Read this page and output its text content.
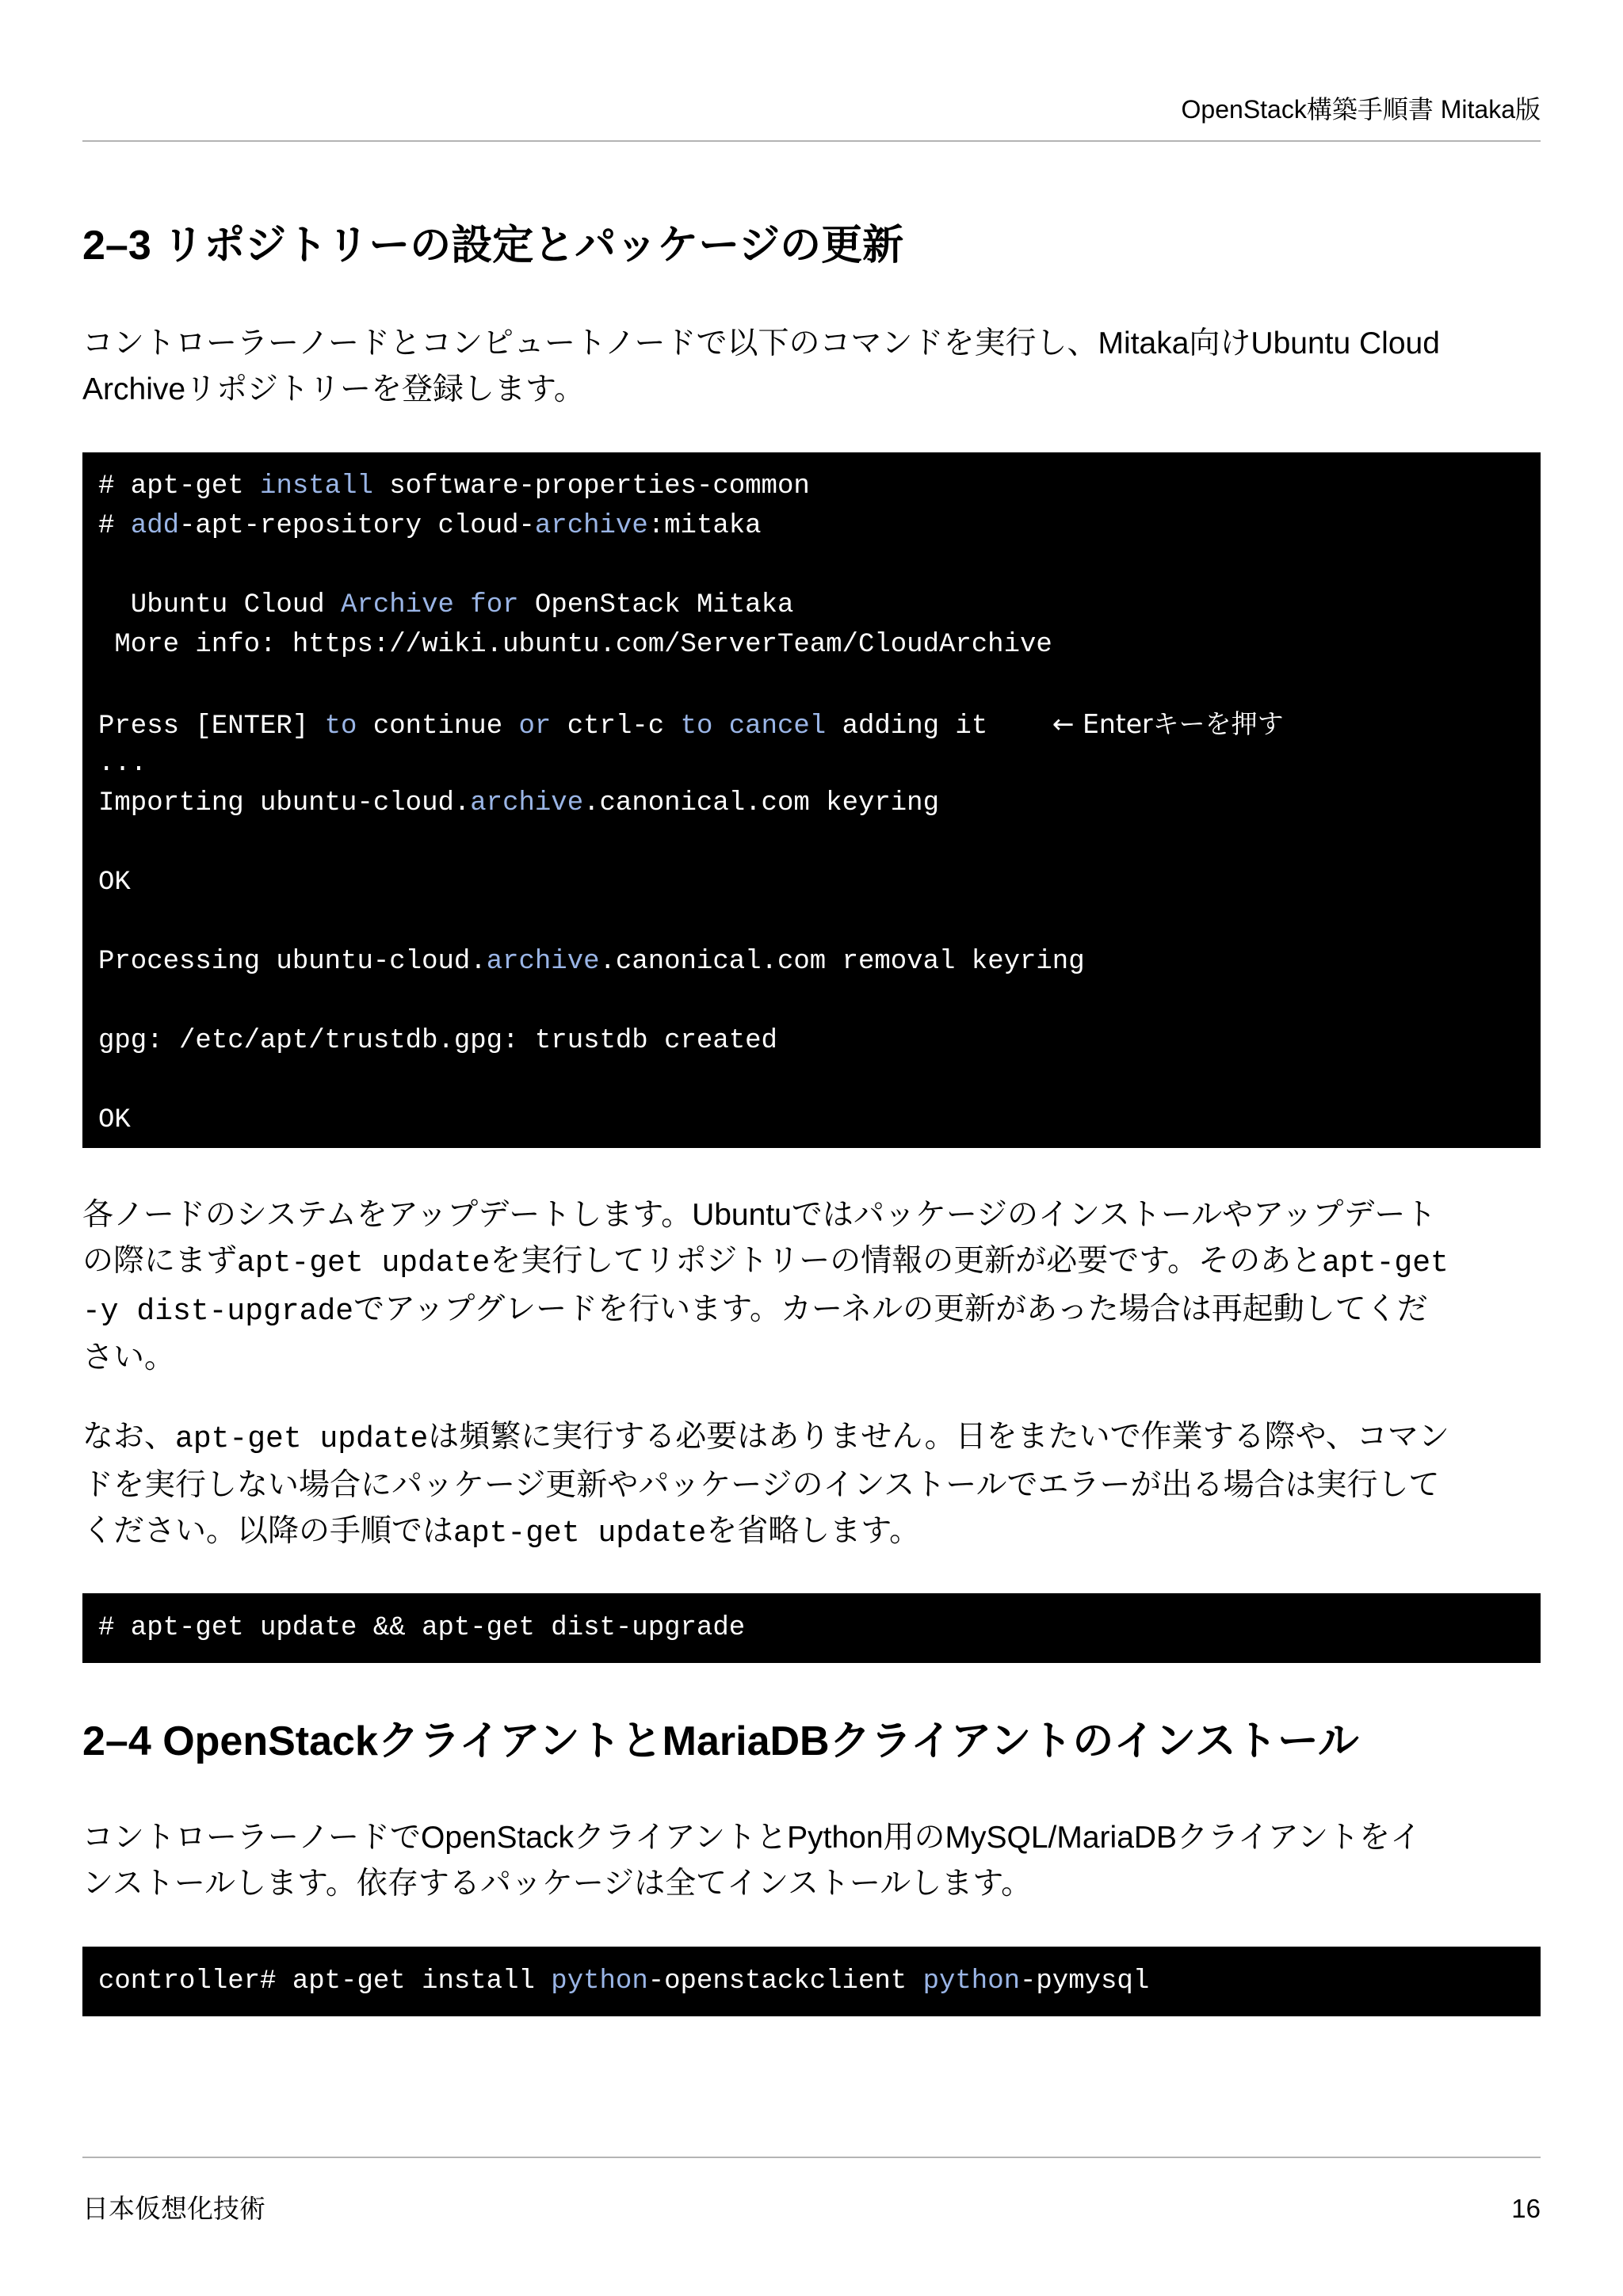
OpenStack構築手順書 Mitaka版
2–3 リポジトリーの設定とパッケージの更新
コントローラーノードとコンピュートノードで以下のコマンドを実行し、Mitaka向けUbuntu Cloud
Archiveリポジトリーを登録します。
# apt-get install software-properties-common
# add-apt-repository cloud-archive:mitaka
Ubuntu Cloud Archive for OpenStack Mitaka
More info: https://wiki.ubuntu.com/ServerTeam/CloudArchive
Press [ENTER] to continue or ctrl-c to cancel adding it    ← Enterキーを押す
...
Importing ubuntu-cloud.archive.canonical.com keyring
OK
Processing ubuntu-cloud.archive.canonical.com removal keyring
gpg: /etc/apt/trustdb.gpg: trustdb created
OK
各ノードのシステムをアップデートします。Ubuntuではパッケージのインストールやアップデート
の際にまずapt-get updateを実行してリポジトリーの情報の更新が必要です。そのあとapt-get
-y dist-upgradeでアップグレードを行います。カーネルの更新があった場合は再起動してくだ
さい。
なお、apt-get updateは頻繁に実行する必要はありません。日をまたいで作業する際や、コマン
ドを実行しない場合にパッケージ更新やパッケージのインストールでエラーが出る場合は実行して
ください。以降の手順ではapt-get updateを省略します。
# apt-get update && apt-get dist-upgrade
2–4 OpenStackクライアントとMariaDBクライアントのインストール
コントローラーノードでOpenStackクライアントとPython用のMySQL/MariaDBクライアントをイ
ンストールします。依存するパッケージは全てインストールします。
controller# apt-get install python-openstackclient python-pymysql
日本仮想化技術	16
